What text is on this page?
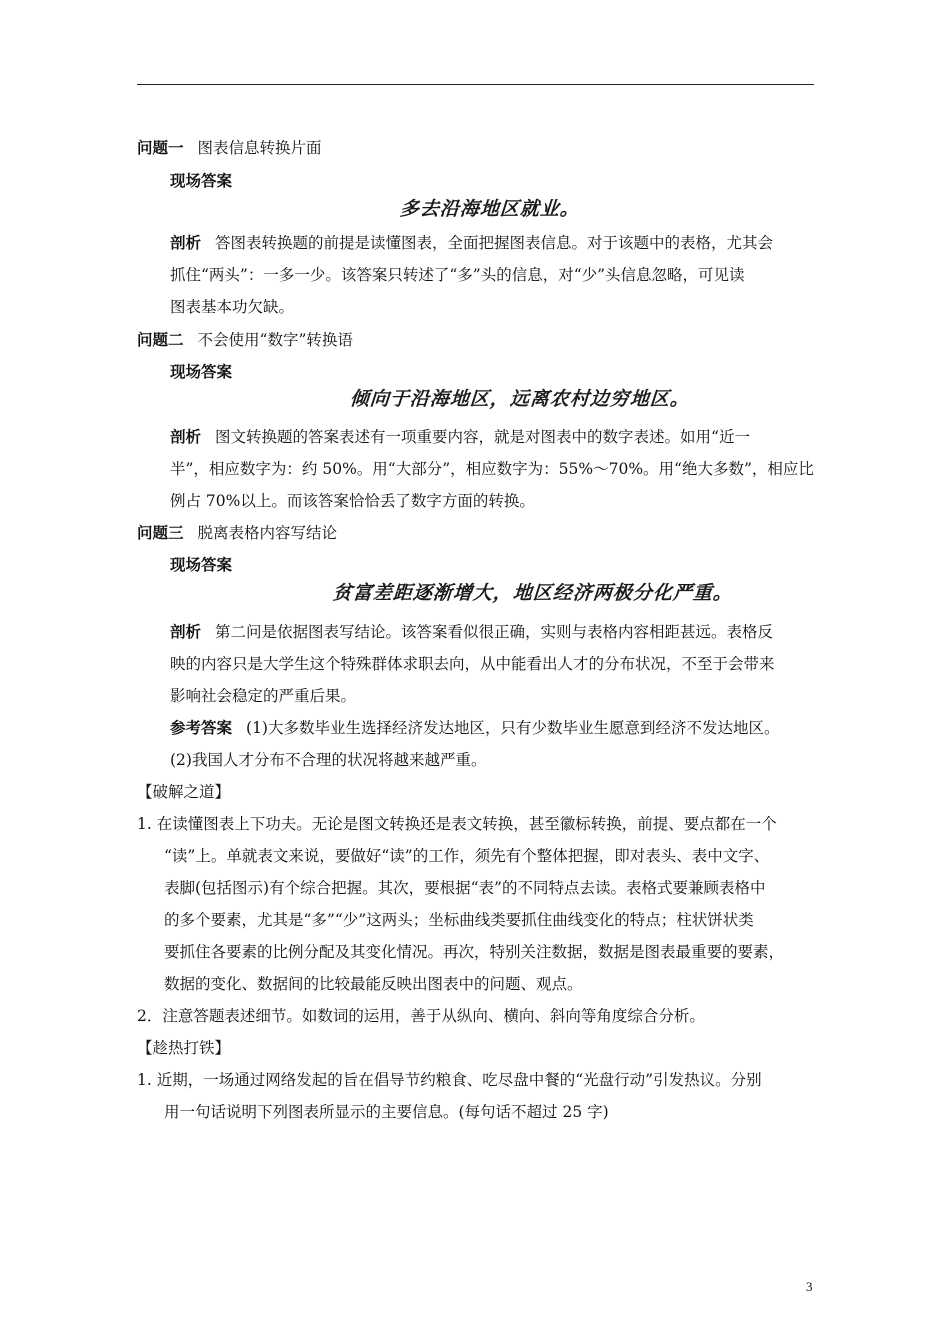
问题一 图表信息转换片面
现场答案
多去沿海地区就业。
剖析 答图表转换题的前提是读懂图表，全面把握图表信息。对于该题中的表格，尤其会
抓住“两头”：一多一少。该答案只转述了“多”头的信息，对“少”头信息忽略，可见读
图表基本功欠缺。
问题二 不会使用“数字”转换语
现场答案
倾向于沿海地区，远离农村边穷地区。
剖析 图文转换题的答案表述有一项重要内容，就是对图表中的数字表述。如用“近一
半”，相应数字为：约 50%。用“大部分”，相应数字为：55%～70%。用“绝大多数”，相应比
例占 70%以上。而该答案恰恰丢了数字方面的转换。
问题三 脱离表格内容写结论
现场答案
贫富差距逐渐增大，地区经济两极分化严重。
剖析 第二问是依据图表写结论。该答案看似很正确，实则与表格内容相距甚远。表格反
映的内容只是大学生这个特殊群体求职去向，从中能看出人才的分布状况，不至于会带来
影响社会稳定的严重后果。
参考答案 (1)大多数毕业生选择经济发达地区，只有少数毕业生愿意到经济不发达地区。
(2)我国人才分布不合理的状况将越来越严重。
【破解之道】
1. 在读懂图表上下功夫。无论是图文转换还是表文转换，甚至徽标转换，前提、要点都在一个
“读”上。单就表文来说，要做好“读”的工作，须先有个整体把握，即对表头、表中文字、
表脚(包括图示)有个综合把握。其次，要根据“表”的不同特点去读。表格式要兼顾表格中
的多个要素，尤其是“多”“少”这两头；坐标曲线类要抓住曲线变化的特点；柱状饼状类
要抓住各要素的比例分配及其变化情况。再次，特别关注数据，数据是图表最重要的要素，
数据的变化、数据间的比较最能反映出图表中的问题、观点。
2．注意答题表述细节。如数词的运用，善于从纵向、横向、斜向等角度综合分析。
【趁热打铁】
1. 近期，一场通过网络发起的旨在倡导节约粮食、吃尽盘中餐的“光盘行动”引发热议。分别
用一句话说明下列图表所显示的主要信息。(每句话不超过 25 字)
3
